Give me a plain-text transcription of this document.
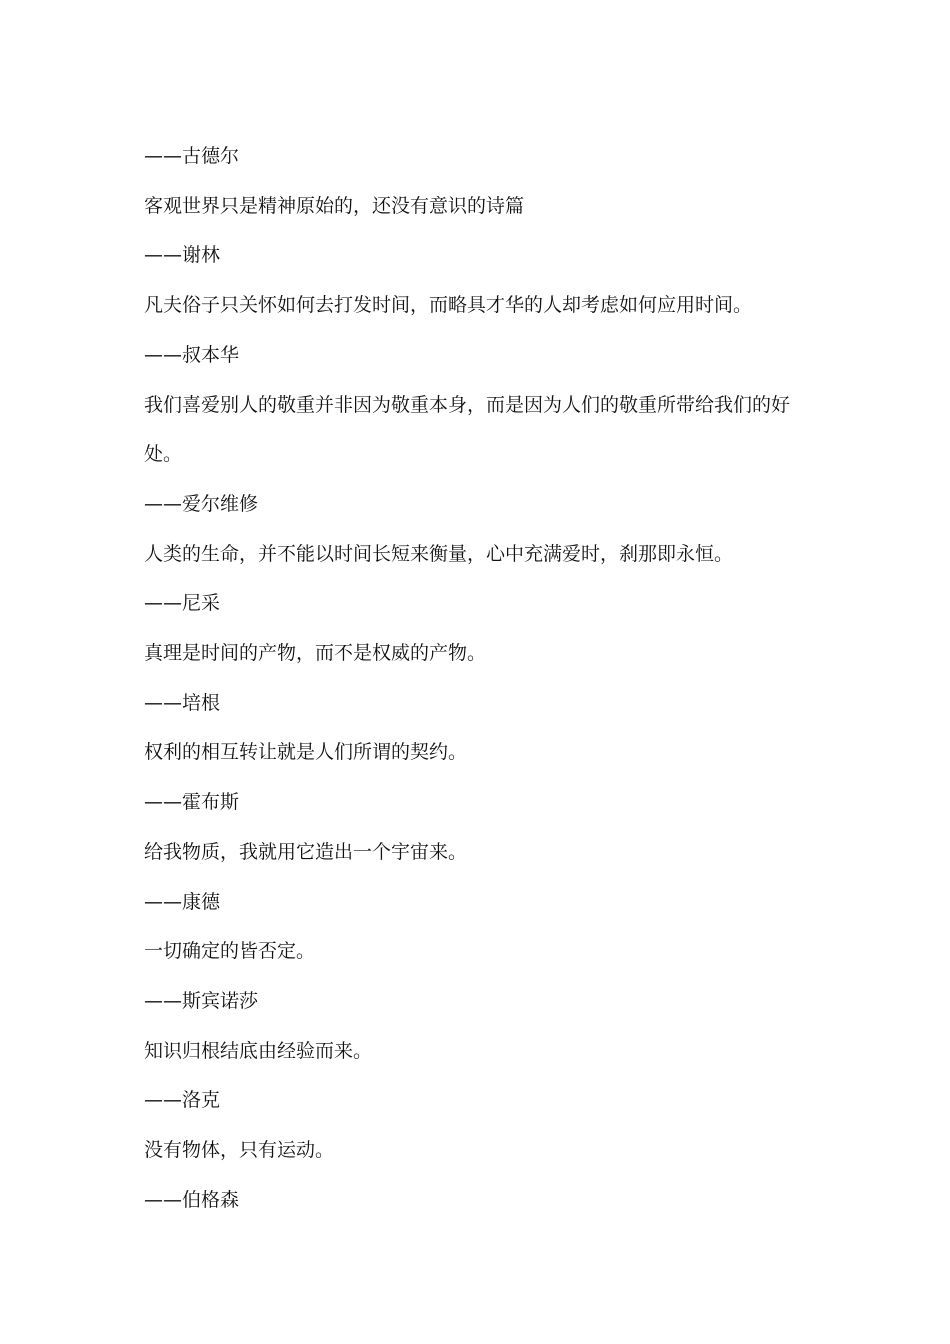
——古德尔

客观世界只是精神原始的，还没有意识的诗篇

——谢林

凡夫俗子只关怀如何去打发时间，而略具才华的人却考虑如何应用时间。

——叔本华

我们喜爱别人的敬重并非因为敬重本身，而是因为人们的敬重所带给我们的好

处。

——爱尔维修

人类的生命，并不能以时间长短来衡量，心中充满爱时，刹那即永恒。

——尼采

真理是时间的产物，而不是权威的产物。

——培根

权利的相互转让就是人们所谓的契约。

——霍布斯

给我物质，我就用它造出一个宇宙来。

——康德

一切确定的皆否定。

——斯宾诺莎

知识归根结底由经验而来。

——洛克

没有物体，只有运动。

——伯格森
